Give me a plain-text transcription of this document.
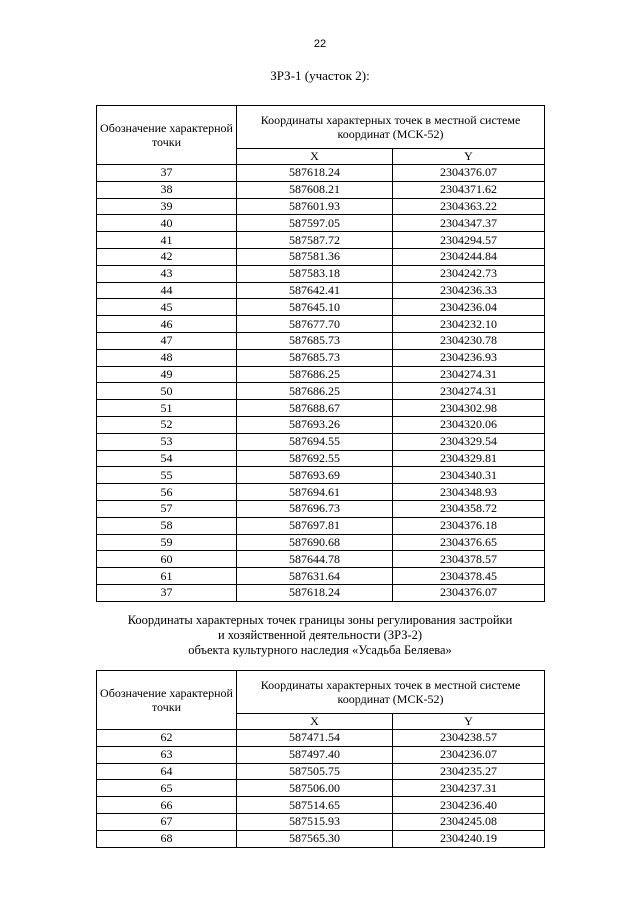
22
ЗРЗ-1 (участок 2):
Обозначение характерной точки	Координаты характерных точек в местной системе координат (МСК-52)	
	X	Y
37	587618.24	2304376.07
38	587608.21	2304371.62
39	587601.93	2304363.22
40	587597.05	2304347.37
41	587587.72	2304294.57
42	587581.36	2304244.84
43	587583.18	2304242.73
44	587642.41	2304236.33
45	587645.10	2304236.04
46	587677.70	2304232.10
47	587685.73	2304230.78
48	587685.73	2304236.93
49	587686.25	2304274.31
50	587686.25	2304274.31
51	587688.67	2304302.98
52	587693.26	2304320.06
53	587694.55	2304329.54
54	587692.55	2304329.81
55	587693.69	2304340.31
56	587694.61	2304348.93
57	587696.73	2304358.72
58	587697.81	2304376.18
59	587690.68	2304376.65
60	587644.78	2304378.57
61	587631.64	2304378.45
37	587618.24	2304376.07
Координаты характерных точек границы зоны регулирования застройки
и хозяйственной деятельности (ЗРЗ-2)
объекта культурного наследия «Усадьба Беляева»
Обозначение характерной точки	Координаты характерных точек в местной системе координат (МСК-52)	
	X	Y
62	587471.54	2304238.57
63	587497.40	2304236.07
64	587505.75	2304235.27
65	587506.00	2304237.31
66	587514.65	2304236.40
67	587515.93	2304245.08
68	587565.30	2304240.19
